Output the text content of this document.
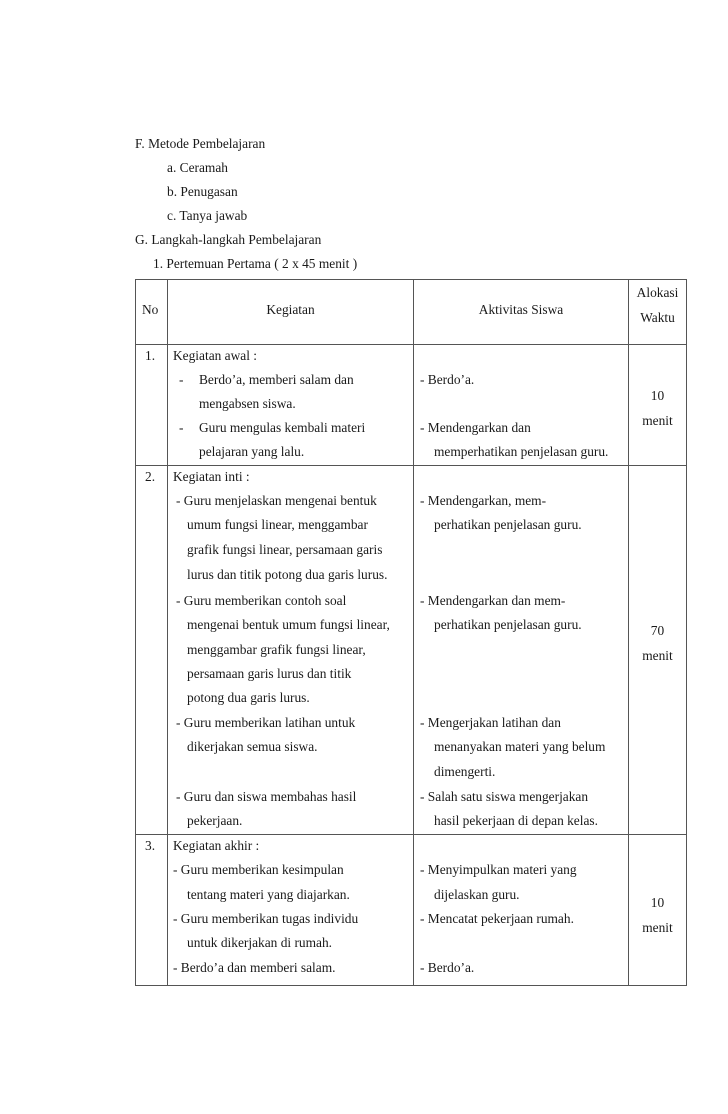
F. Metode Pembelajaran
a. Ceramah
b. Penugasan
c. Tanya jawab
G. Langkah-langkah Pembelajaran
1. Pertemuan Pertama ( 2 x 45 menit )
No	Kegiatan	Aktivitas Siswa
Alokasi
Waktu
1. Kegiatan awal :
- Berdo’a, memberi salam dan
mengabsen siswa.
- Guru mengulas kembali materi
pelajaran yang lalu.
- Berdo’a.
- Mendengarkan dan
memperhatikan penjelasan guru.
10
menit
2. Kegiatan inti :
- Guru menjelaskan mengenai bentuk
umum fungsi linear, menggambar
grafik fungsi linear, persamaan garis
lurus dan titik potong dua garis lurus.
- Guru memberikan contoh soal
mengenai bentuk umum fungsi linear,
menggambar grafik fungsi linear,
persamaan garis lurus dan titik
potong dua garis lurus.
- Guru memberikan latihan untuk
dikerjakan semua siswa.
- Guru dan siswa membahas hasil
pekerjaan.
- Mendengarkan, mem-
perhatikan penjelasan guru.
- Mendengarkan dan mem-
perhatikan penjelasan guru.
- Mengerjakan latihan dan
menanyakan materi yang belum
dimengerti.
- Salah satu siswa mengerjakan
hasil pekerjaan di depan kelas.
70
menit
3. Kegiatan akhir :
- Guru memberikan kesimpulan
tentang materi yang diajarkan.
- Guru memberikan tugas individu
untuk dikerjakan di rumah.
- Berdo’a dan memberi salam.
- Menyimpulkan materi yang
dijelaskan guru.
- Mencatat pekerjaan rumah.
- Berdo’a.
10
menit
